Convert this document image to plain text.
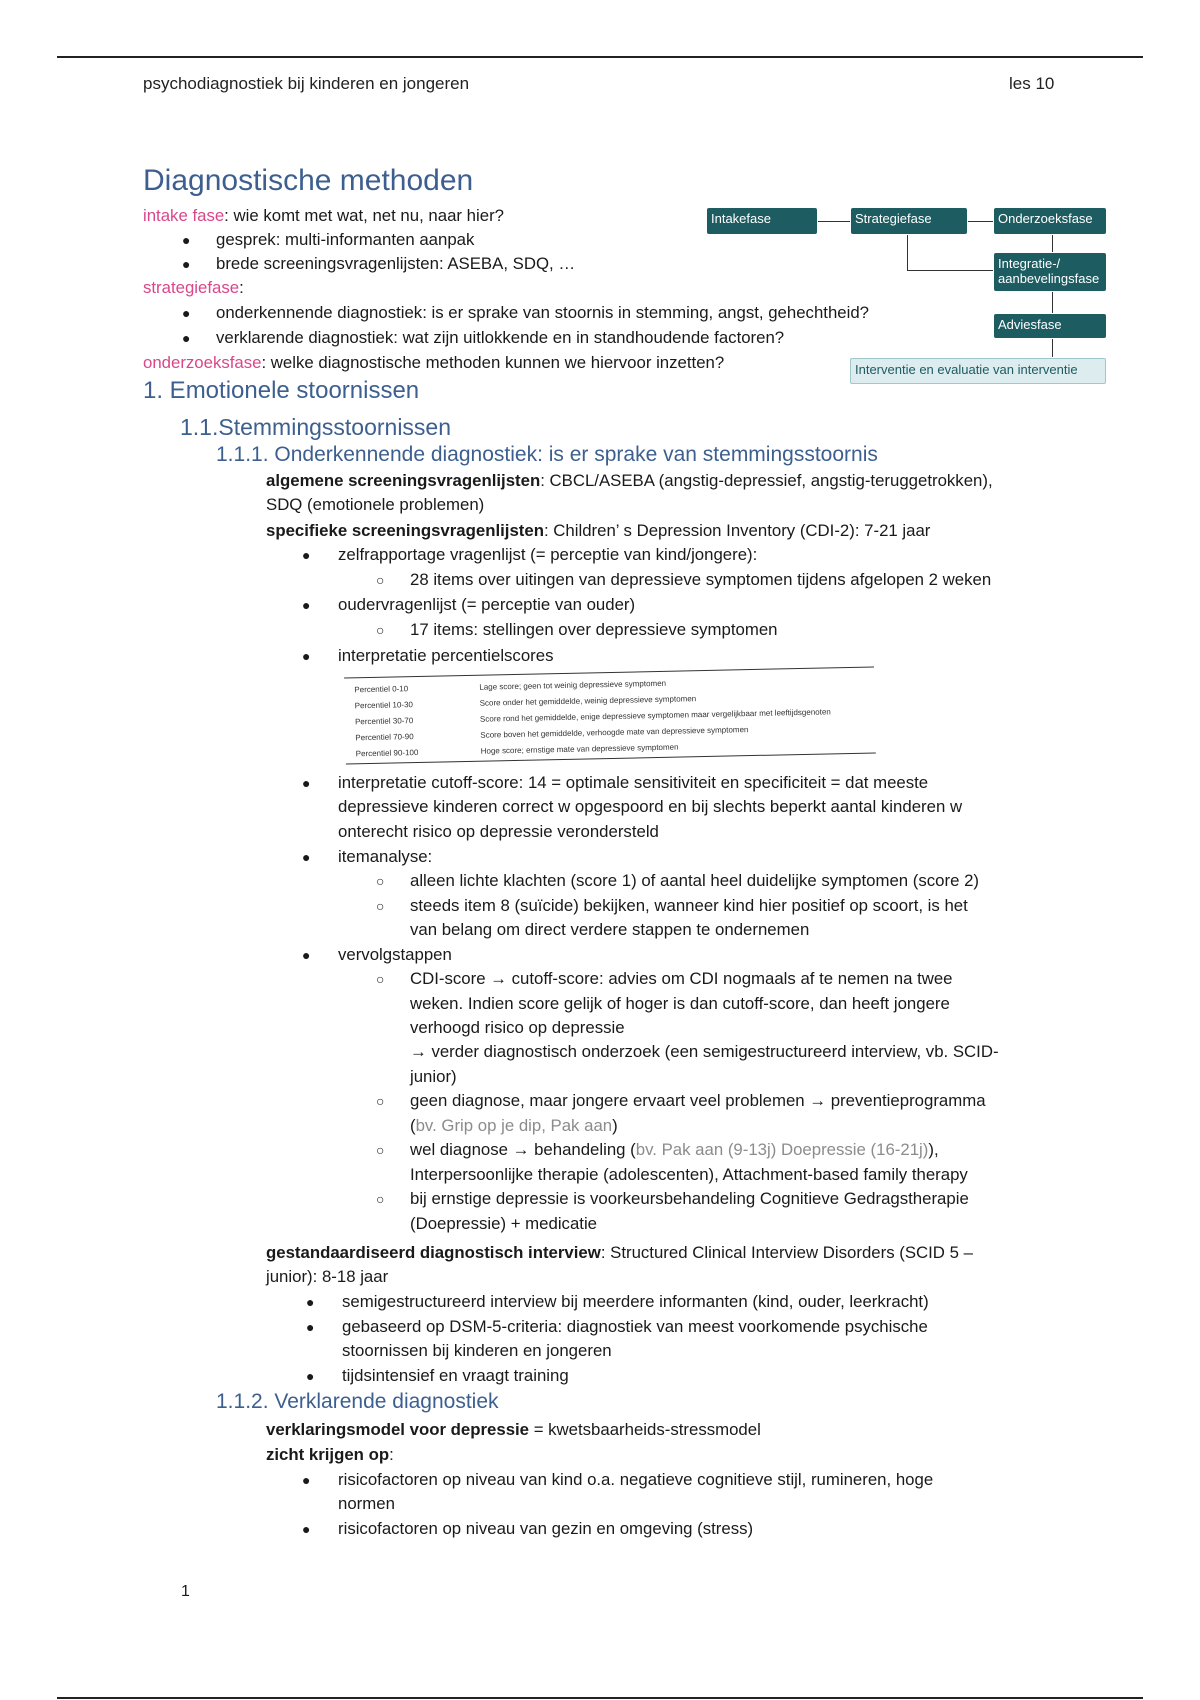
psychodiagnostiek bij kinderen en jongeren	les 10
Diagnostische methoden
intake fase: wie komt met wat, net nu, naar hier?
● gesprek: multi-informanten aanpak
● brede screeningsvragenlijsten: ASEBA, SDQ, …
strategiefase:
● onderkennende diagnostiek: is er sprake van stoornis in stemming, angst, gehechtheid?
● verklarende diagnostiek: wat zijn uitlokkende en in standhoudende factoren?
onderzoeksfase: welke diagnostische methoden kunnen we hiervoor inzetten?
Intakefase	Strategiefase	Onderzoeksfase
Integratie-/ aanbevelingsfase
Adviesfase
Interventie en evaluatie van interventie
1. Emotionele stoornissen
1.1.Stemmingsstoornissen
1.1.1. Onderkennende diagnostiek: is er sprake van stemmingsstoornis
algemene screeningsvragenlijsten: CBCL/ASEBA (angstig-depressief, angstig-teruggetrokken),
SDQ (emotionele problemen)
specifieke screeningsvragenlijsten: Children’ s Depression Inventory (CDI-2): 7-21 jaar
● zelfrapportage vragenlijst (= perceptie van kind/jongere):
○ 28 items over uitingen van depressieve symptomen tijdens afgelopen 2 weken
● oudervragenlijst (= perceptie van ouder)
○ 17 items: stellingen over depressieve symptomen
● interpretatie percentielscores
Percentiel 0-10	Lage score; geen tot weinig depressieve symptomen
Percentiel 10-30	Score onder het gemiddelde, weinig depressieve symptomen
Percentiel 30-70	Score rond het gemiddelde, enige depressieve symptomen maar vergelijkbaar met leeftijdsgenoten
Percentiel 70-90	Score boven het gemiddelde, verhoogde mate van depressieve symptomen
Percentiel 90-100	Hoge score; ernstige mate van depressieve symptomen
● interpretatie cutoff-score: 14 = optimale sensitiviteit en specificiteit = dat meeste
depressieve kinderen correct w opgespoord en bij slechts beperkt aantal kinderen w
onterecht risico op depressie verondersteld
● itemanalyse:
○ alleen lichte klachten (score 1) of aantal heel duidelijke symptomen (score 2)
○ steeds item 8 (suïcide) bekijken, wanneer kind hier positief op scoort, is het
van belang om direct verdere stappen te ondernemen
● vervolgstappen
○ CDI-score → cutoff-score: advies om CDI nogmaals af te nemen na twee
weken. Indien score gelijk of hoger is dan cutoff-score, dan heeft jongere
verhoogd risico op depressie
→ verder diagnostisch onderzoek (een semigestructureerd interview, vb. SCID-
junior)
○ geen diagnose, maar jongere ervaart veel problemen → preventieprogramma
(bv. Grip op je dip, Pak aan)
○ wel diagnose → behandeling (bv. Pak aan (9-13j) Doepressie (16-21j)),
Interpersoonlijke therapie (adolescenten), Attachment-based family therapy
○ bij ernstige depressie is voorkeursbehandeling Cognitieve Gedragstherapie
(Doepressie) + medicatie
gestandaardiseerd diagnostisch interview: Structured Clinical Interview Disorders (SCID 5 –
junior): 8-18 jaar
● semigestructureerd interview bij meerdere informanten (kind, ouder, leerkracht)
● gebaseerd op DSM-5-criteria: diagnostiek van meest voorkomende psychische
stoornissen bij kinderen en jongeren
● tijdsintensief en vraagt training
1.1.2. Verklarende diagnostiek
verklaringsmodel voor depressie = kwetsbaarheids-stressmodel
zicht krijgen op:
● risicofactoren op niveau van kind o.a. negatieve cognitieve stijl, rumineren, hoge
normen
● risicofactoren op niveau van gezin en omgeving (stress)
1
